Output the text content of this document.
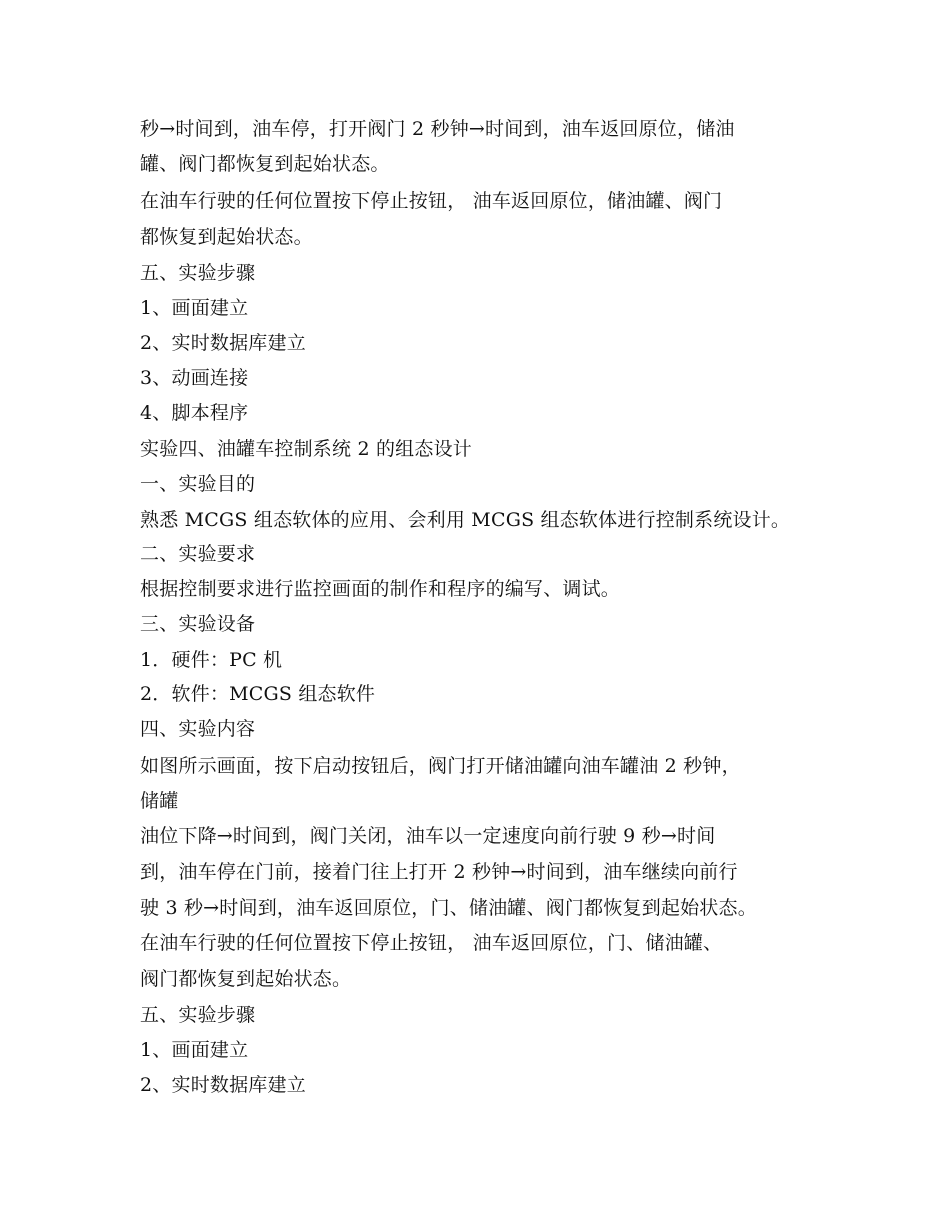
秒→时间到，油车停，打开阀门 2 秒钟→时间到，油车返回原位，储油
罐、阀门都恢复到起始状态。
在油车行驶的任何位置按下停止按钮， 油车返回原位，储油罐、阀门
都恢复到起始状态。
五、实验步骤
1、画面建立
2、实时数据库建立
3、动画连接
4、脚本程序
实验四、油罐车控制系统 2 的组态设计
一、实验目的
熟悉 MCGS 组态软体的应用、会利用 MCGS 组态软体进行控制系统设计。
二、实验要求
根据控制要求进行监控画面的制作和程序的编写、调试。
三、实验设备
1．硬件：PC 机
2．软件：MCGS 组态软件
四、实验内容
如图所示画面，按下启动按钮后，阀门打开储油罐向油车罐油 2 秒钟，
储罐
油位下降→时间到，阀门关闭，油车以一定速度向前行驶 9 秒→时间
到，油车停在门前，接着门往上打开 2 秒钟→时间到，油车继续向前行
驶 3 秒→时间到，油车返回原位，门、储油罐、阀门都恢复到起始状态。
在油车行驶的任何位置按下停止按钮， 油车返回原位，门、储油罐、
阀门都恢复到起始状态。
五、实验步骤
1、画面建立
2、实时数据库建立
